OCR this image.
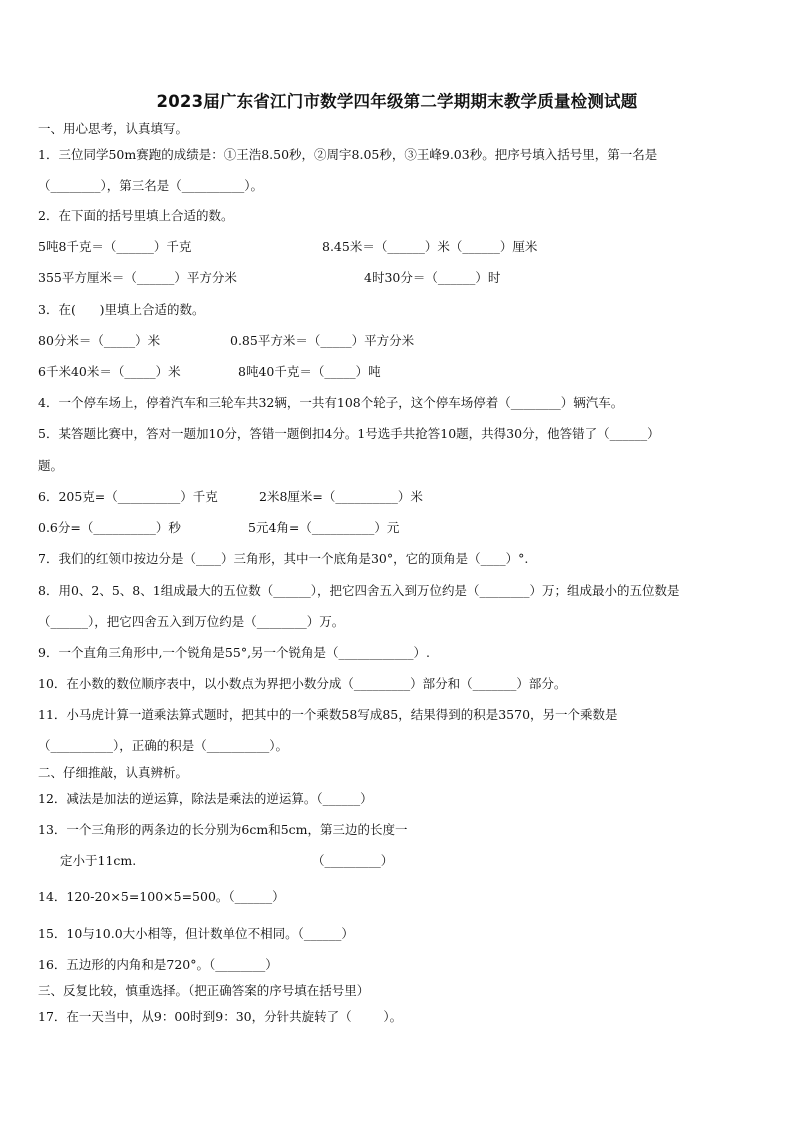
2023届广东省江门市数学四年级第二学期期末教学质量检测试题
一、用心思考，认真填写。
1．三位同学50m赛跑的成绩是：①王浩8.50秒，②周宇8.05秒，③王峰9.03秒。把序号填入括号里，第一名是
（________），第三名是（__________）。
2．在下面的括号里填上合适的数。
5吨8千克＝（______）千克	8.45米＝（______）米（______）厘米
355平方厘米＝（______）平方分米	4时30分＝（______）时
3．在(      )里填上合适的数。
80分米＝（_____）米	0.85平方米＝（_____）平方分米
6千米40米＝（_____）米	8吨40千克＝（_____）吨
4．一个停车场上，停着汽车和三轮车共32辆，一共有108个轮子，这个停车场停着（________）辆汽车。
5．某答题比赛中，答对一题加10分，答错一题倒扣4分。1号选手共抢答10题，共得30分，他答错了（______）
题。
6．205克=（__________）千克	2米8厘米=（__________）米
0.6分=（__________）秒	5元4角=（__________）元
7．我们的红领巾按边分是（____）三角形，其中一个底角是30°，它的顶角是（____）°.
8．用0、2、5、8、1组成最大的五位数（______），把它四舍五入到万位约是（________）万；组成最小的五位数是
（______），把它四舍五入到万位约是（________）万。
9．一个直角三角形中,一个锐角是55°,另一个锐角是（____________）.
10．在小数的数位顺序表中，以小数点为界把小数分成（_________）部分和（_______）部分。
11．小马虎计算一道乘法算式题时，把其中的一个乘数58写成85，结果得到的积是3570，另一个乘数是
（__________），正确的积是（__________）。
二、仔细推敲，认真辨析。
12．减法是加法的逆运算，除法是乘法的逆运算。（______）
13．一个三角形的两条边的长分别为6cm和5cm，第三边的长度一
定小于11cm.	（_________）
14．120-20×5=100×5=500。（______）
15．10与10.0大小相等，但计数单位不相同。（______）
16．五边形的内角和是720°。（________）
三、反复比较，慎重选择。（把正确答案的序号填在括号里）
17．在一天当中，从9：00时到9：30，分针共旋转了（        ）。
